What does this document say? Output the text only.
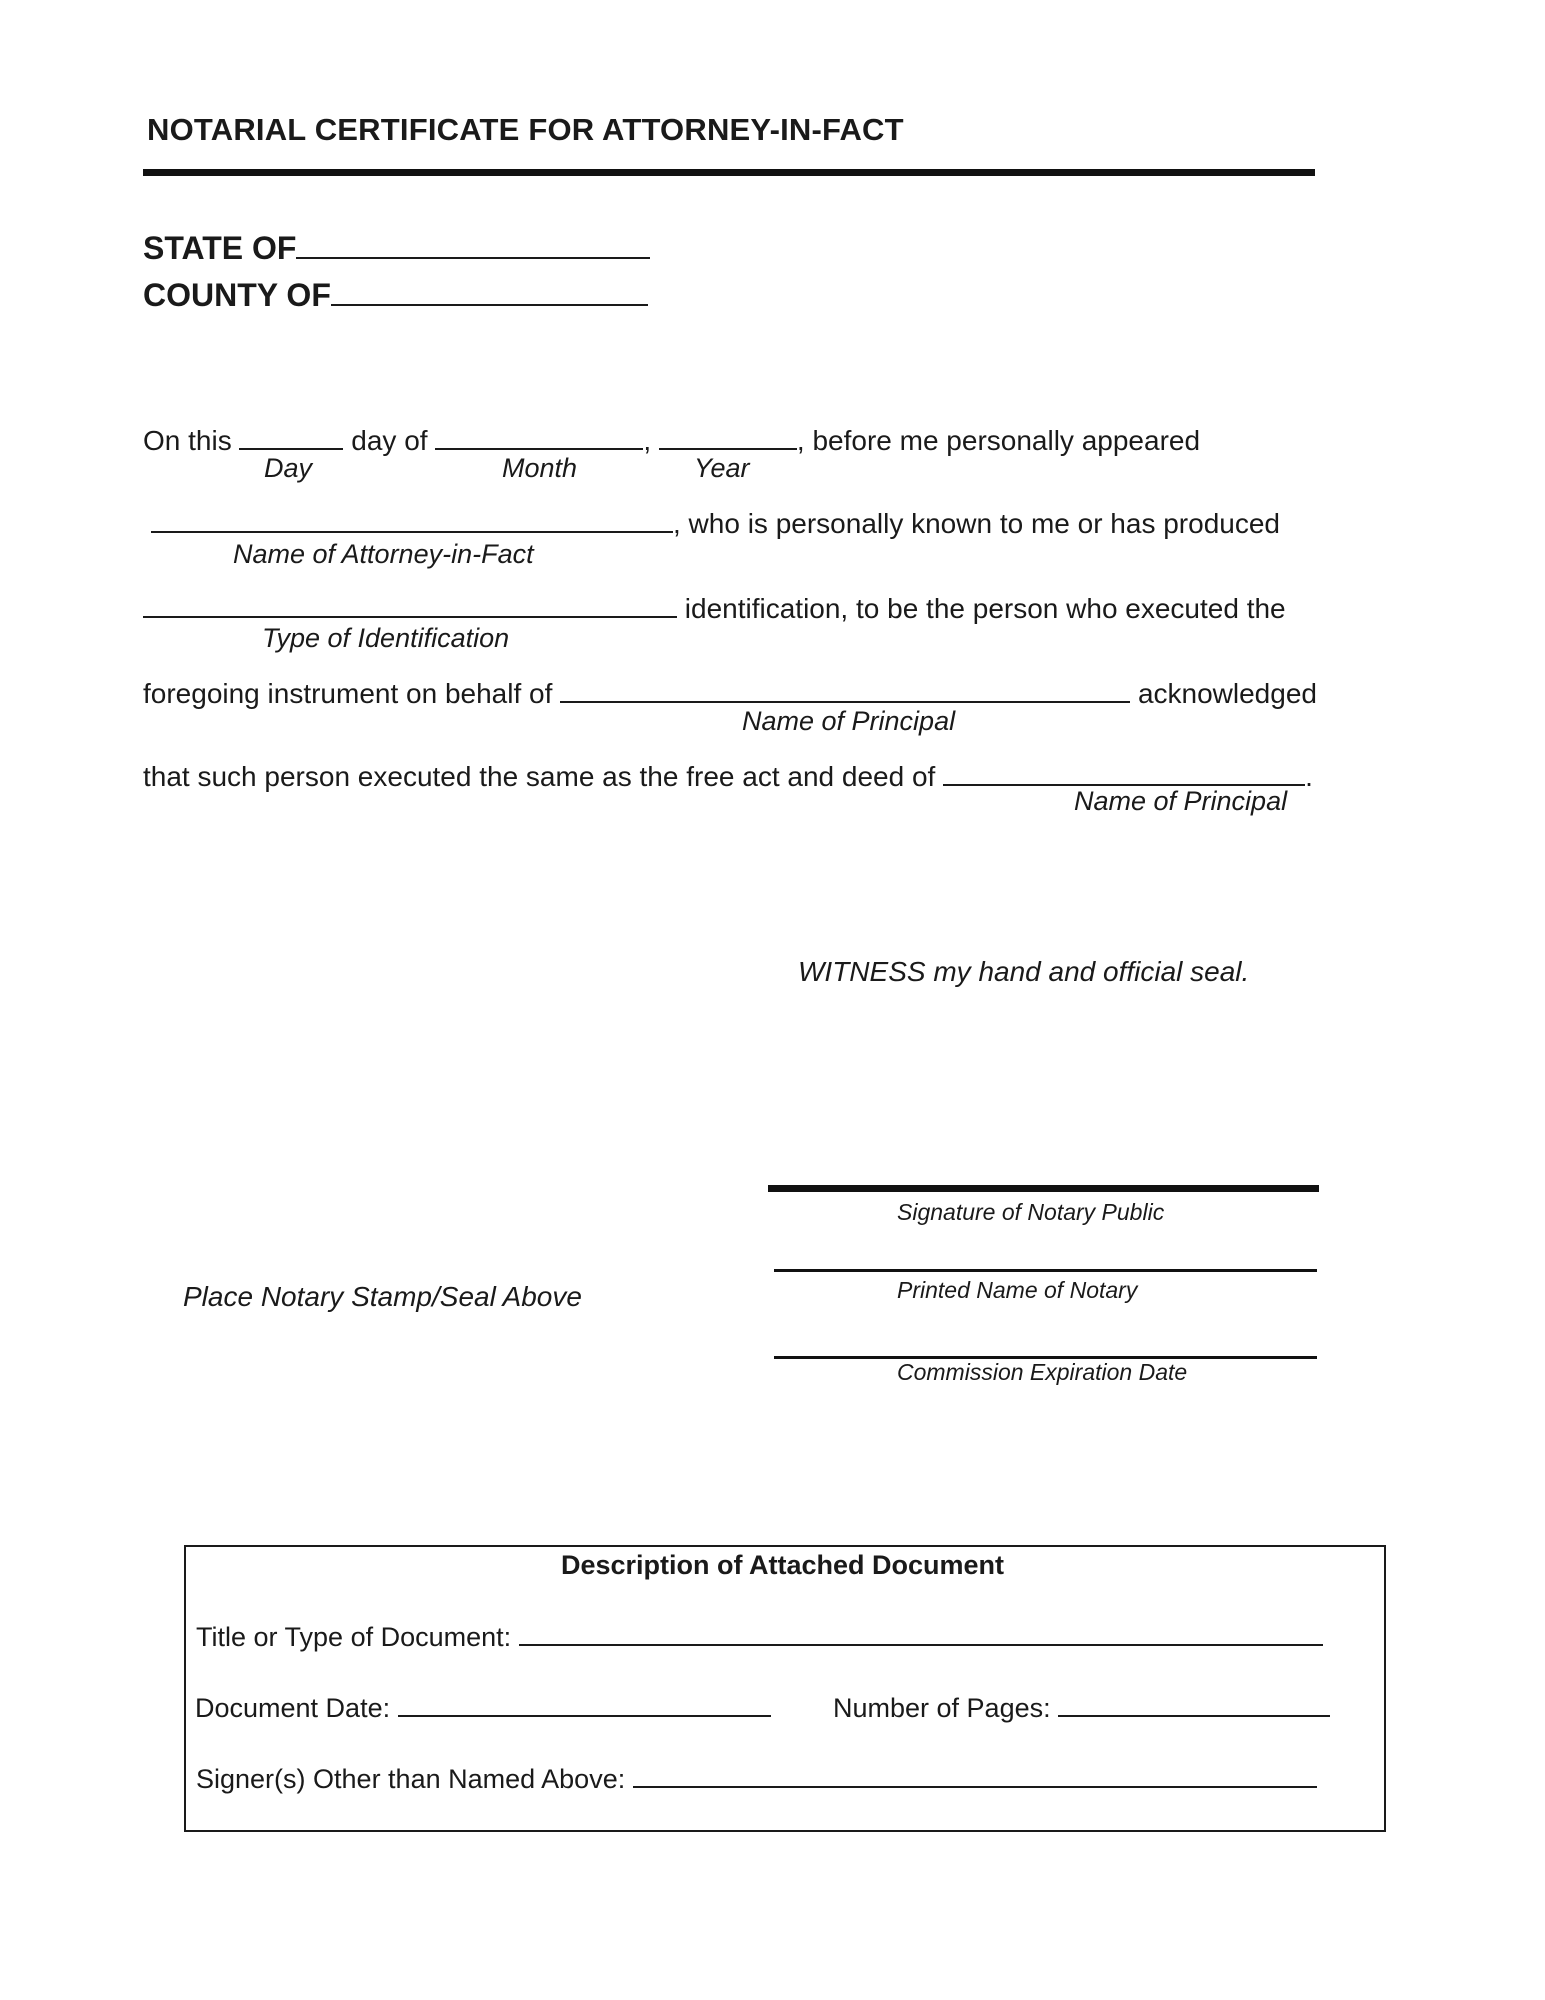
NOTARIAL CERTIFICATE FOR ATTORNEY-IN-FACT
STATE OF
COUNTY OF
On this	day of	,	, before me personally appeared
Day	Month	Year
, who is personally known to me or has produced
Name of Attorney-in-Fact
identification, to be the person who executed the
Type of Identification
foregoing instrument on behalf of	acknowledged
Name of Principal
that such person executed the same as the free act and deed of	.
Name of Principal
WITNESS my hand and official seal.
Signature of Notary Public
Printed Name of Notary
Commission Expiration Date
Place Notary Stamp/Seal Above
Description of Attached Document
Title or Type of Document:
Document Date:	Number of Pages:
Signer(s) Other than Named Above:
